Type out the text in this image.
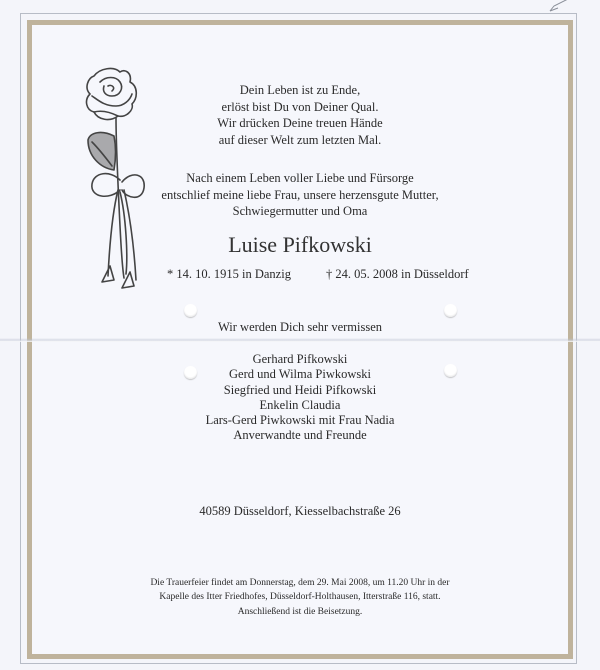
Dein Leben ist zu Ende,
erlöst bist Du von Deiner Qual.
Wir drücken Deine treuen Hände
auf dieser Welt zum letzten Mal.
Nach einem Leben voller Liebe und Fürsorge
entschlief meine liebe Frau, unsere herzensgute Mutter,
Schwiegermutter und Oma
Luise Pifkowski
* 14. 10. 1915 in Danzig	† 24. 05. 2008 in Düsseldorf
Wir werden Dich sehr vermissen
Gerhard Pifkowski
Gerd und Wilma Piwkowski
Siegfried und Heidi Pifkowski
Enkelin Claudia
Lars-Gerd Piwkowski mit Frau Nadia
Anverwandte und Freunde
40589 Düsseldorf, Kiesselbachstraße 26
Die Trauerfeier findet am Donnerstag, dem 29. Mai 2008, um 11.20 Uhr in der
Kapelle des Itter Friedhofes, Düsseldorf-Holthausen, Itterstraße 116, statt.
Anschließend ist die Beisetzung.
